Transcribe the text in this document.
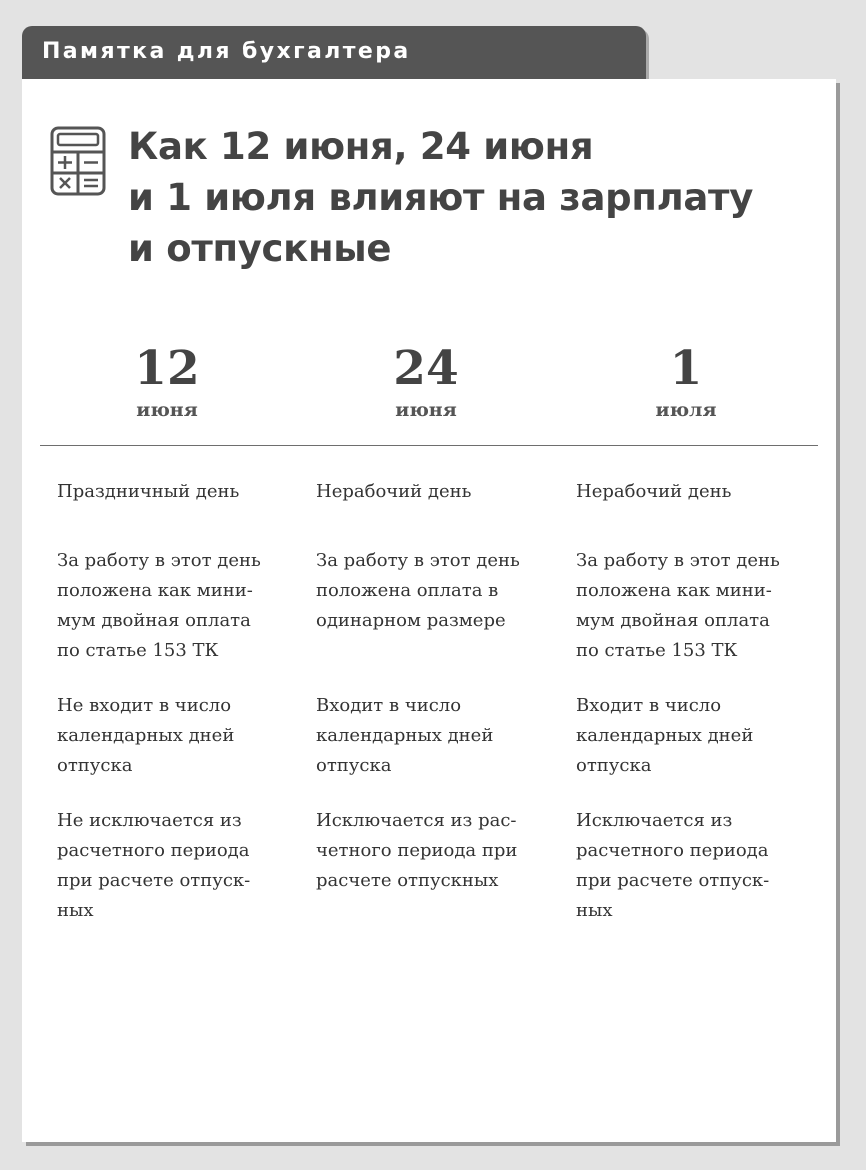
Памятка для бухгалтера
Как 12 июня, 24 июня
и 1 июля влияют на зарплату
и отпускные
12
июня
24
июня
1
июля

Праздничный день

За работу в этот день
положена как мини-
мум двойная оплата
по статье 153 ТК

Не входит в число
календарных дней
отпуска

Не исключается из
расчетного периода
при расчете отпуск-
ных

Нерабочий день

За работу в этот день
положена оплата в
одинарном размере

Входит в число
календарных дней
отпуска

Исключается из рас-
четного периода при
расчете отпускных

Нерабочий день

За работу в этот день
положена как мини-
мум двойная оплата
по статье 153 ТК

Входит в число
календарных дней
отпуска

Исключается из
расчетного периода
при расчете отпуск-
ных
